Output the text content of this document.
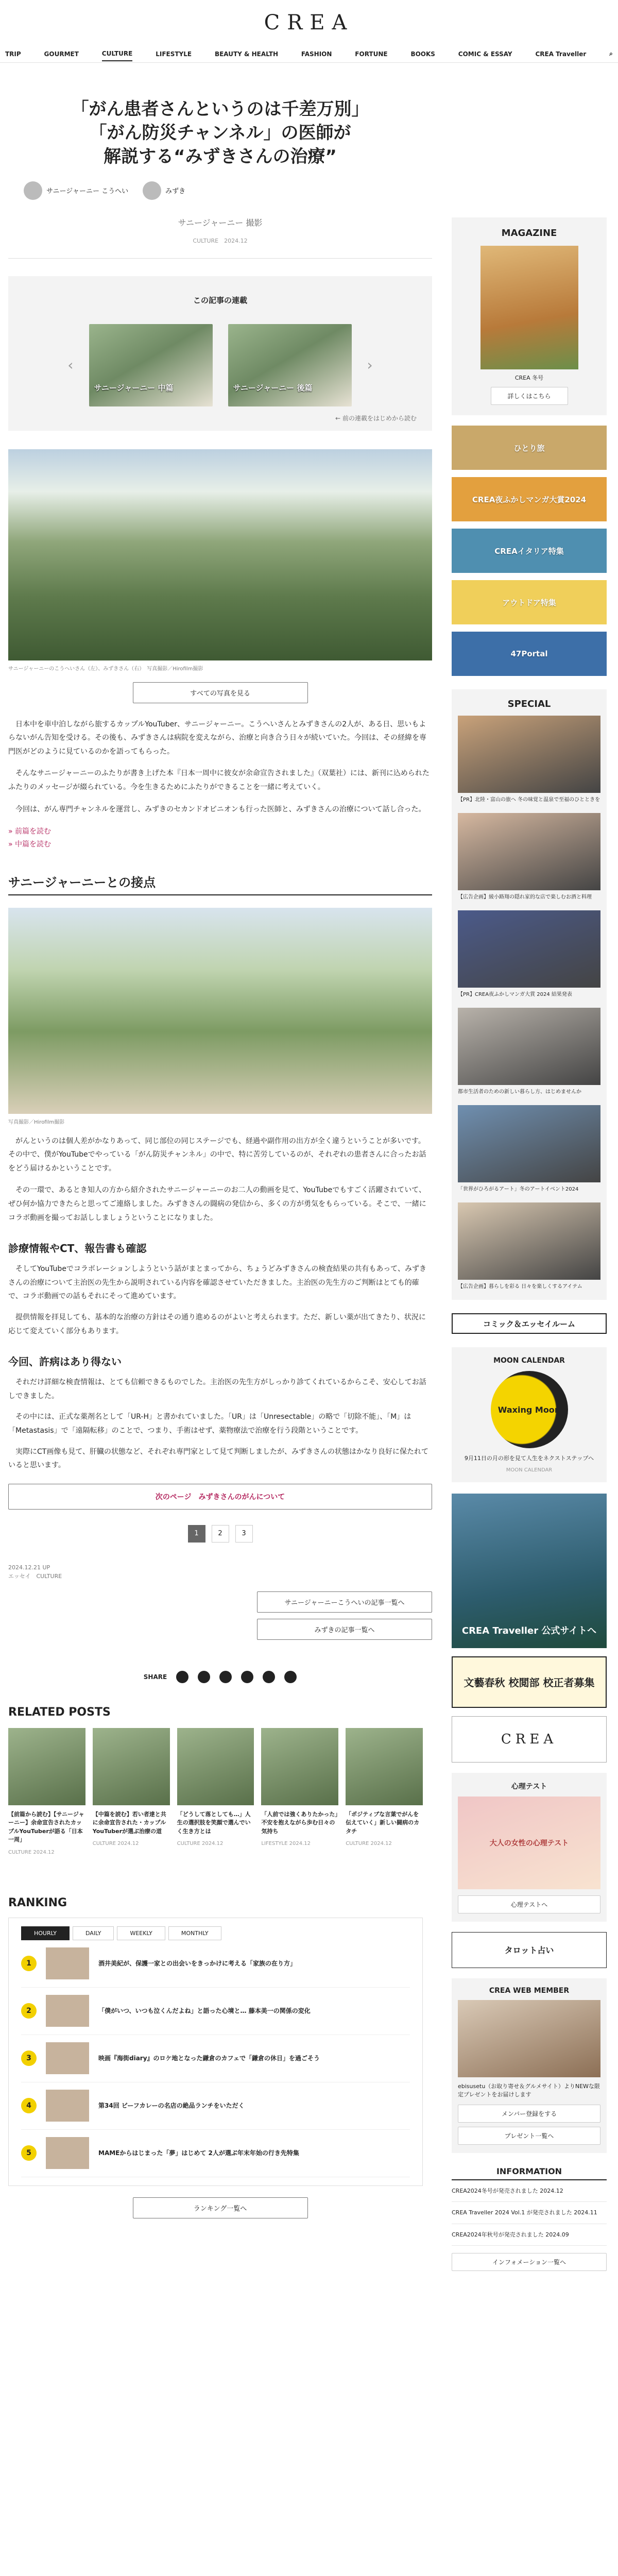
CREA
TRIP	GOURMET	CULTURE	LIFESTYLE	BEAUTY & HEALTH	FASHION	FORTUNE	BOOKS	COMIC & ESSAY	CREA Traveller	⌕
「がん患者さんというのは千差万別」
「がん防災チャンネル」の医師が
解説する“みずきさんの治療”
サニージャーニー こうへい	みずき
サニージャーニー 撮影
CULTURE　2024.12
この記事の連載
‹
サニージャーニー 中篇	サニージャーニー 後篇
›
← 前の連載をはじめから読む
サニージャーニーのこうへいさん（左）、みずきさん（右）　写真撮影／Hirofilm撮影
すべての写真を見る

　日本中を車中泊しながら旅するカップルYouTuber、サニージャーニー。こうへいさんとみずきさんの2人が、ある日、思いもよらないがん告知を受ける。その後も、みずきさんは病院を変えながら、治療と向き合う日々が続いていた。今回は、その経緯を専門医がどのように見ているのかを語ってもらった。

　そんなサニージャーニーのふたりが書き上げた本『日本一周中に彼女が余命宣告されました』（双葉社）には、新刊に込められたふたりのメッセージが綴られている。今を生きるためにふたりができることを一緒に考えていく。

　今回は、がん専門チャンネルを運営し、みずきのセカンドオピニオンも行った医師と、みずきさんの治療について話し合った。

» 前篇を読む
» 中篇を読む
サニージャーニーとの接点
写真撮影／Hirofilm撮影

　がんというのは個人差がかなりあって、同じ部位の同じステージでも、経過や副作用の出方が全く違うということが多いです。その中で、僕がYouTubeでやっている「がん防災チャンネル」の中で、特に苦労しているのが、それぞれの患者さんに合ったお話をどう届けるかということです。

　その一環で、あるとき知人の方から紹介されたサニージャーニーのお二人の動画を見て、YouTubeでもすごく活躍されていて、ぜひ何か協力できたらと思ってご連絡しました。みずきさんの闘病の発信から、多くの方が勇気をもらっている。そこで、一緒にコラボ動画を撮ってお話ししましょうということになりました。

診療情報やCT、報告書も確認

　そしてYouTubeでコラボレーションしようという話がまとまってから、ちょうどみずきさんの検査結果の共有もあって、みずきさんの治療について主治医の先生から説明されている内容を確認させていただきました。主治医の先生方のご判断はとても的確で、コラボ動画での話もそれにそって進めています。

　提供情報を拝見しても、基本的な治療の方針はその通り進めるのがよいと考えられます。ただ、新しい薬が出てきたり、状況に応じて変えていく部分もあります。

今回、許病はあり得ない

　それだけ詳細な検査情報は、とても信頼できるものでした。主治医の先生方がしっかり診てくれているからこそ、安心してお話しできました。

　その中には、正式な薬剤名として「UR-H」と書かれていました。「UR」は「Unresectable」の略で「切除不能」、「M」は「Metastasis」で「遠隔転移」のことで、つまり、手術はせず、薬物療法で治療を行う段階ということです。

　実際にCT画像も見て、肝臓の状態など、それぞれ専門家として見て判断しましたが、みずきさんの状態はかなり良好に保たれていると思います。

次のページ　みずきさんのがんについて
1	2	3
2024.12.21 UP
エッセイ　CULTURE
サニージャーニーこうへいの記事一覧へ
みずきの記事一覧へ
SHARE
RELATED POSTS
【前篇から読む】【サニージャーニー】余命宣告されたカップルYouTuberが語る「日本一周」
CULTURE 2024.12
【中篇を読む】若い者達と共に余命宣告された・カップルYouTuberが選ぶ治療の道
CULTURE 2024.12
「どうして落としても…」人生の選択肢を笑顔で選んでいく生き方とは
CULTURE 2024.12
「人前では強くありたかった」不安を抱えながら歩む日々の気持ち
LIFESTYLE 2024.12
「ポジティブな言葉でがんを伝えていく」新しい闘病のカタチ
CULTURE 2024.12
RANKING
HOURLY	DAILY	WEEKLY	MONTHLY
1	酒井美紀が、保護一家との出会いをきっかけに考える「家族の在り方」
2	「僕がいつ、いつも泣くんだよね」と語った心境と… 藤本美一の関係の変化
3	映画『海街diary』のロケ地となった鎌倉のカフェで「鎌倉の休日」を過ごそう
4	第34回 ビーフカレーの名店の絶品ランチをいただく
5	MAMEからはじまった「夢」はじめて 2人が選ぶ年末年始の行き先特集
ランキング一覧へ
MAGAZINE
CREA 冬号
詳しくはこちら
ひとり旅
CREA夜ふかしマンガ大賞2024
CREAイタリア特集
アウトドア特集
47Portal
SPECIAL
【PR】北陸・富山の旅へ 冬の味覚と温泉で至福のひとときを
【広告企画】綾小路翔の隠れ家的な店で楽しむお酒と料理
【PR】CREA夜ふかしマンガ大賞 2024 結果発表
都市生活者のための新しい暮らし方、はじめませんか
「世界がひろがるアート」冬のアートイベント2024
【広告企画】暮らしを彩る 日々を楽しくするアイテム
コミック＆エッセイルーム
MOON CALENDAR
Waxing Moon
9月11日の月の形を見て人生をネクストステップへ
MOON CALENDAR
CREA Traveller 公式サイトへ
文藝春秋 校閲部 校正者募集
CREA
心理テスト
大人の女性の心理テスト
心理テストへ
タロット占い
CREA WEB MEMBER
ebisusetu（お取り寄せ＆グルメサイト）よりNEWな限定プレゼントをお届けします
メンバー登録をする
プレゼント一覧へ
INFORMATION
CREA2024冬号が発売されました 2024.12
CREA Traveller 2024 Vol.1 が発売されました 2024.11
CREA2024年秋号が発売されました 2024.09
インフォメーション一覧へ
